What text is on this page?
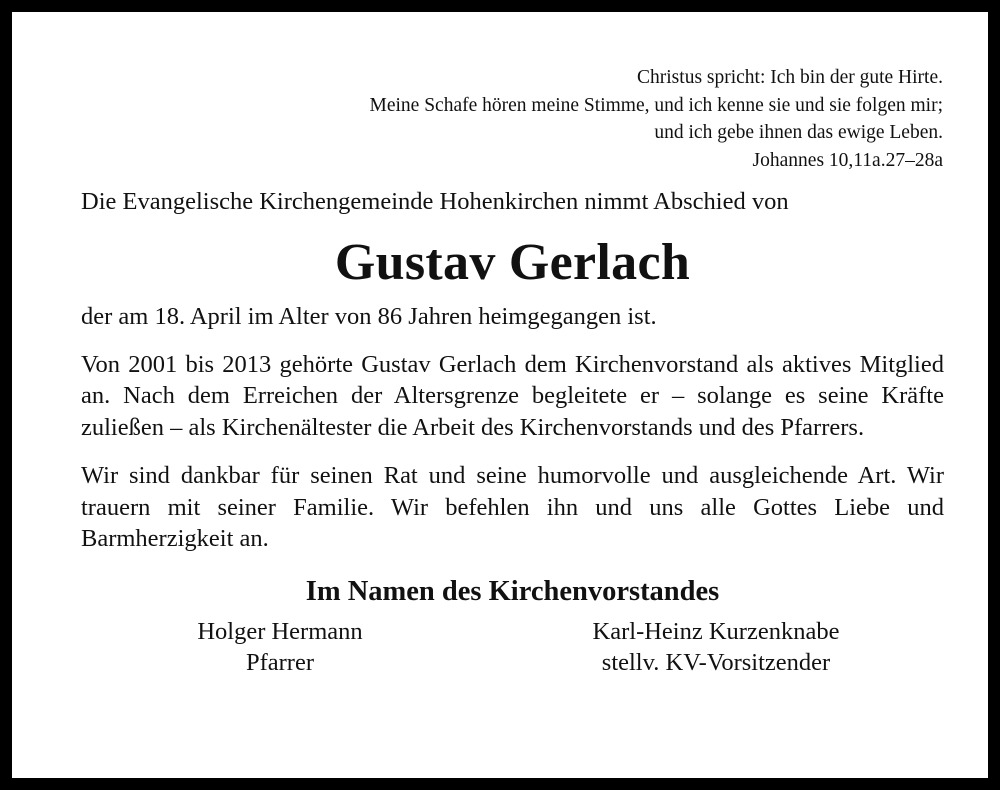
Christus spricht: Ich bin der gute Hirte.
Meine Schafe hören meine Stimme, und ich kenne sie und sie folgen mir;
und ich gebe ihnen das ewige Leben.
Johannes 10,11a.27–28a
Die Evangelische Kirchengemeinde Hohenkirchen nimmt Abschied von
Gustav Gerlach
der am 18. April im Alter von 86 Jahren heimgegangen ist.
Von 2001 bis 2013 gehörte Gustav Gerlach dem Kirchenvorstand als aktives Mitglied an. Nach dem Erreichen der Altersgrenze begleitete er – solange es seine Kräfte zuließen – als Kirchenältester die Arbeit des Kirchenvorstands und des Pfarrers.
Wir sind dankbar für seinen Rat und seine humorvolle und ausgleichende Art. Wir trauern mit seiner Familie. Wir befehlen ihn und uns alle Gottes Liebe und Barmherzigkeit an.
Im Namen des Kirchenvorstandes
Holger Hermann
Pfarrer
Karl-Heinz Kurzenknabe
stellv. KV-Vorsitzender
